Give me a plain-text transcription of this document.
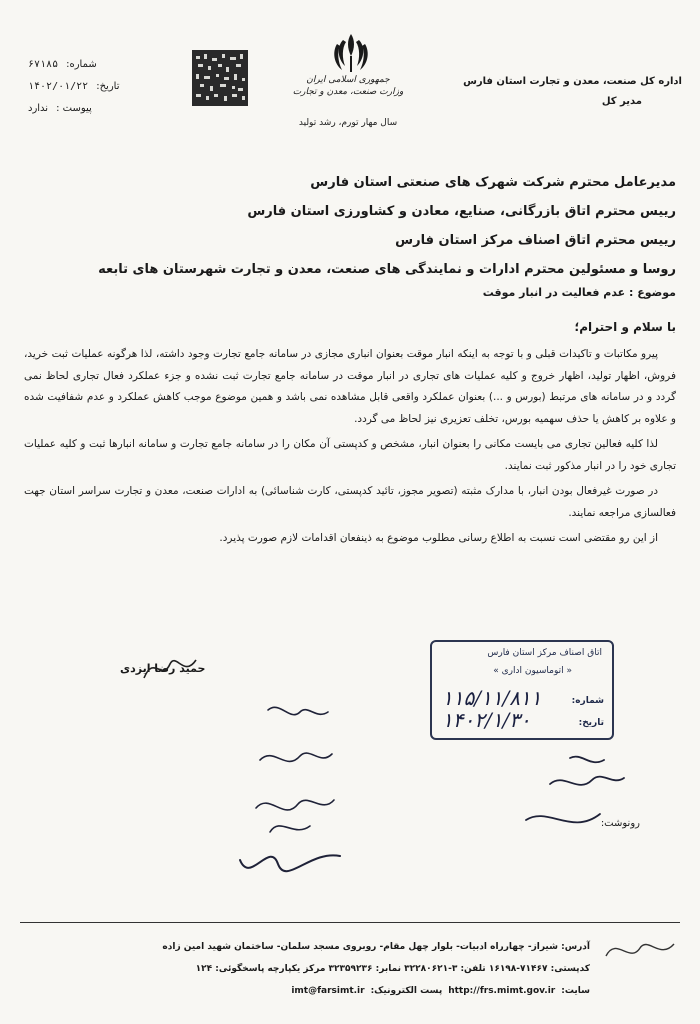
اداره کل صنعت، معدن و تجارت استان فارس
مدیر کل
جمهوری اسلامی ایران
وزارت صنعت، معدن و تجارت
سال مهار تورم، رشد تولید
شماره:
۶۷۱۸۵
تاریخ:
۱۴۰۲/۰۱/۲۲
پیوست :
ندارد
مدیرعامل محترم شرکت شهرک های صنعتی استان فارس
رییس محترم اتاق بازرگانی، صنایع، معادن و کشاورزی استان فارس
رییس محترم اتاق اصناف مرکز استان فارس
روسا و مسئولین محترم ادارات و نمایندگی های صنعت، معدن و تجارت شهرستان های تابعه
موضوع : عدم فعالیت در انبار موقت
با سلام و احترام؛

پیرو مکاتبات و تاکیدات قبلی و با توجه به اینکه انبار موقت بعنوان انباری مجازی در سامانه جامع تجارت وجود داشته، لذا هرگونه عملیات ثبت خرید، فروش، اظهار تولید، اظهار خروج و کلیه عملیات های تجاری در انبار موقت در سامانه جامع تجارت ثبت نشده و جزء عملکرد فعال تجاری لحاظ نمی گردد و در سامانه های مرتبط (بورس و ...) بعنوان عملکرد واقعی قابل مشاهده نمی باشد و همین موضوع موجب کاهش عملکرد و عدم شفافیت شده و علاوه بر کاهش یا حذف سهمیه بورس، تخلف تعزیری نیز لحاظ می گردد.

لذا کلیه فعالین تجاری می بایست مکانی را بعنوان انبار، مشخص و کدپستی آن مکان را در سامانه جامع تجارت و سامانه انبارها ثبت و کلیه عملیات تجاری خود را در انبار مذکور ثبت نمایند.

در صورت غیرفعال بودن انبار، با مدارک مثبته (تصویر مجوز، تائید کدپستی، کارت شناسائی) به ادارات صنعت، معدن و تجارت سراسر استان جهت فعالسازی مراجعه نمایند.

از این رو مقتضی است نسبت به اطلاع رسانی مطلوب موضوع به ذینفعان اقدامات لازم صورت پذیرد.

حمید رضا ایزدی
اتاق اصناف مرکز استان فارس
« اتوماسیون اداری »
شماره:
۱۱۵/۱۱/۸۱۱
تاریخ:
۱۴۰۲/۱/۳۰
رونوشت:
آدرس: شیراز- چهارراه ادبیات- بلوار چهل مقام- روبروی مسجد سلمان- ساختمان شهید امین زاده
کدپستی: ۷۱۴۶۷-۱۶۱۹۸ تلفن: ۳-۳۲۲۸۰۶۲۱ نمابر: ۳۲۳۵۹۲۳۶ مرکز یکپارچه پاسخگوئی: ۱۲۴
سایت:
http://frs.mimt.gov.ir
پست الکترونیک:
imt@farsimt.ir
